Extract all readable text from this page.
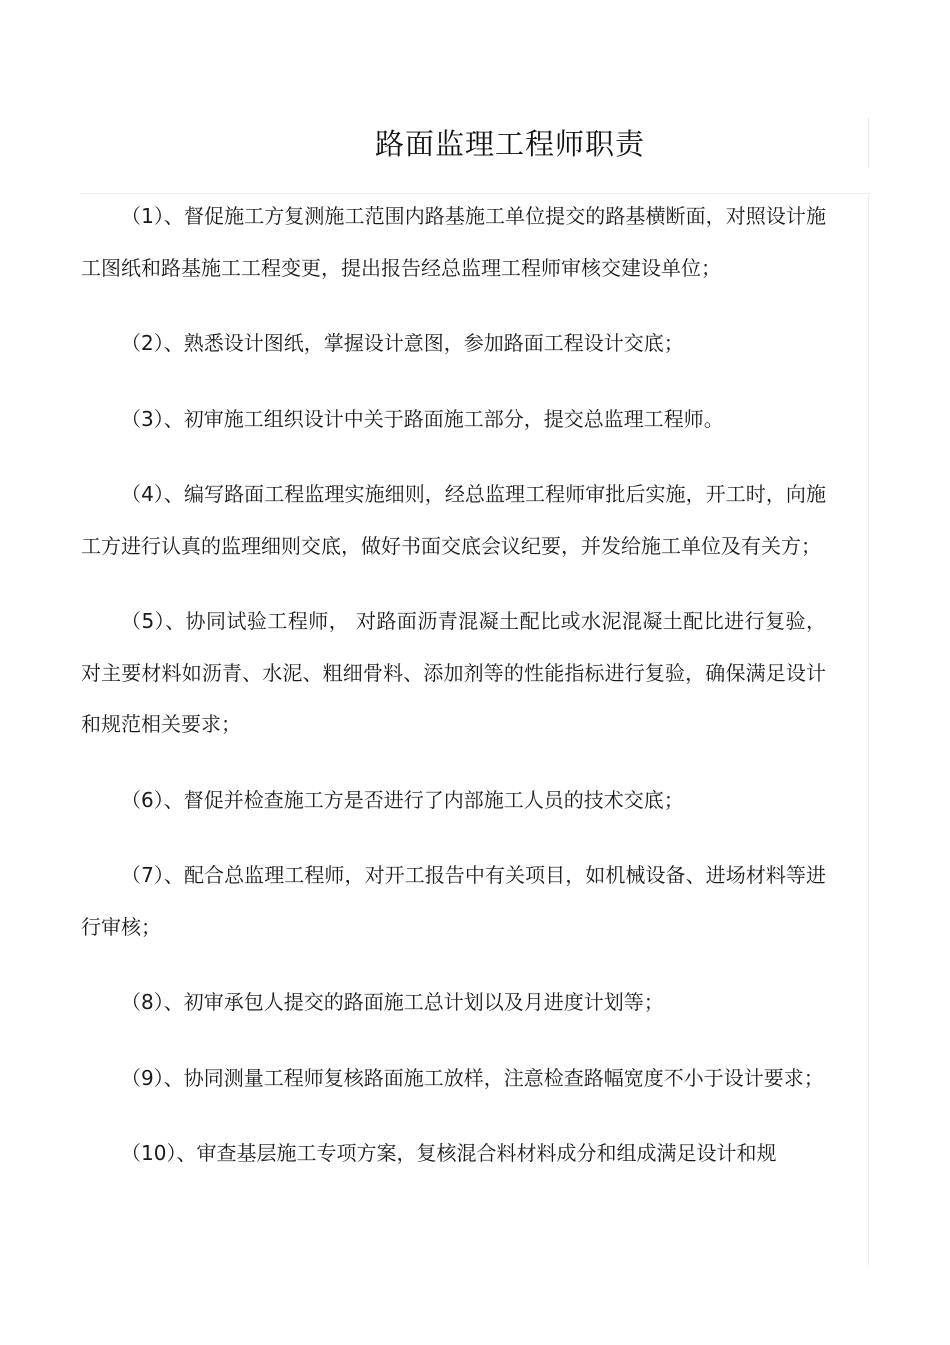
路面监理工程师职责

（1）、督促施工方复测施工范围内路基施工单位提交的路基横断面，对照设计施工图纸和路基施工工程变更，提出报告经总监理工程师审核交建设单位；

（2）、熟悉设计图纸，掌握设计意图，参加路面工程设计交底；

（3）、初审施工组织设计中关于路面施工部分，提交总监理工程师。

（4）、编写路面工程监理实施细则，经总监理工程师审批后实施，开工时，向施工方进行认真的监理细则交底，做好书面交底会议纪要，并发给施工单位及有关方；

（5）、协同试验工程师， 对路面沥青混凝土配比或水泥混凝土配比进行复验，对主要材料如沥青、水泥、粗细骨料、添加剂等的性能指标进行复验，确保满足设计和规范相关要求；

（6）、督促并检查施工方是否进行了内部施工人员的技术交底；

（7）、配合总监理工程师，对开工报告中有关项目，如机械设备、进场材料等进行审核；

（8）、初审承包人提交的路面施工总计划以及月进度计划等；

（9）、协同测量工程师复核路面施工放样，注意检查路幅宽度不小于设计要求；

（10）、审查基层施工专项方案，复核混合料材料成分和组成满足设计和规
